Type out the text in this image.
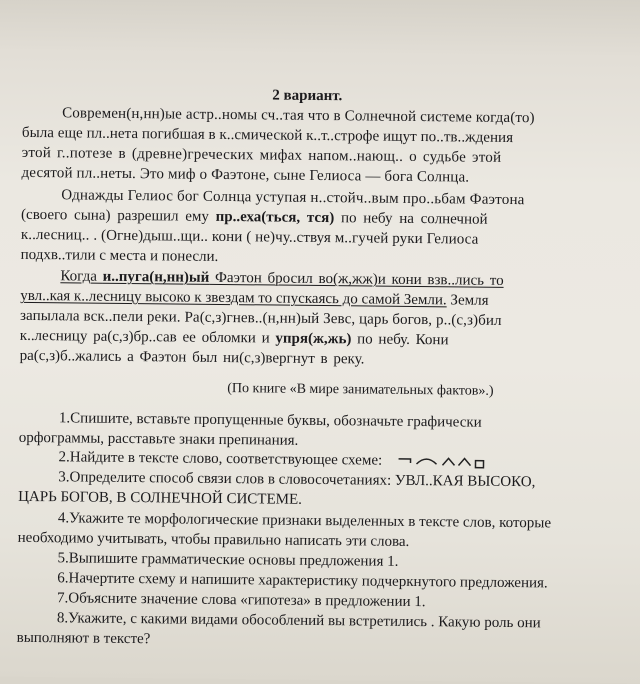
2 вариант.
Современ(н,нн)ые астр..номы сч..тая что в Солнечной системе когда(то)
была еще пл..нета погибшая в к..смической к..т..строфе ищут по..тв..ждения
этой г..потезе в (древне)греческих мифах напом..нающ.. о судьбе этой
десятой пл..неты. Это миф о Фаэтоне, сыне Гелиоса — бога Солнца.
Однажды Гелиос бог Солнца уступая н..стойч..вым про..ьбам Фаэтона
(своего сына) разрешил ему пр..еха(ться, тся) по небу на солнечной
к..лесниц.. . (Огне)дыш..щи.. кони ( не)чу..ствуя м..гучей руки Гелиоса
подхв..тили с места и понесли.
Когда и..пуга(н,нн)ый Фаэтон бросил во(ж,жж)и кони взв..лись то
увл..кая к..лесницу высоко к звездам то спускаясь до самой Земли. Земля
запылала вск..пели реки. Ра(с,з)гнев..(н,нн)ый Зевс, царь богов, р..(с,з)бил
к..лесницу ра(с,з)бр..сав ее обломки и упря(ж,жь) по небу. Кони
ра(с,з)б..жались а Фаэтон был ни(с,з)вергнут в реку.
(По книге «В мире занимательных фактов».)
1.Спишите, вставьте пропущенные буквы, обозначьте графически
орфограммы, расставьте знаки препинания.
2.Найдите в тексте слово, соответствующее схеме:
3.Определите способ связи слов в словосочетаниях: УВЛ..КАЯ ВЫСОКО,
ЦАРЬ БОГОВ, В СОЛНЕЧНОЙ СИСТЕМЕ.
4.Укажите те морфологические признаки выделенных в тексте слов, которые
необходимо учитывать, чтобы правильно написать эти слова.
5.Выпишите грамматические основы предложения 1.
6.Начертите схему и напишите характеристику подчеркнутого предложения.
7.Объясните значение слова «гипотеза» в предложении 1.
8.Укажите, с какими видами обособлений вы встретились . Какую роль они
выполняют в тексте?
